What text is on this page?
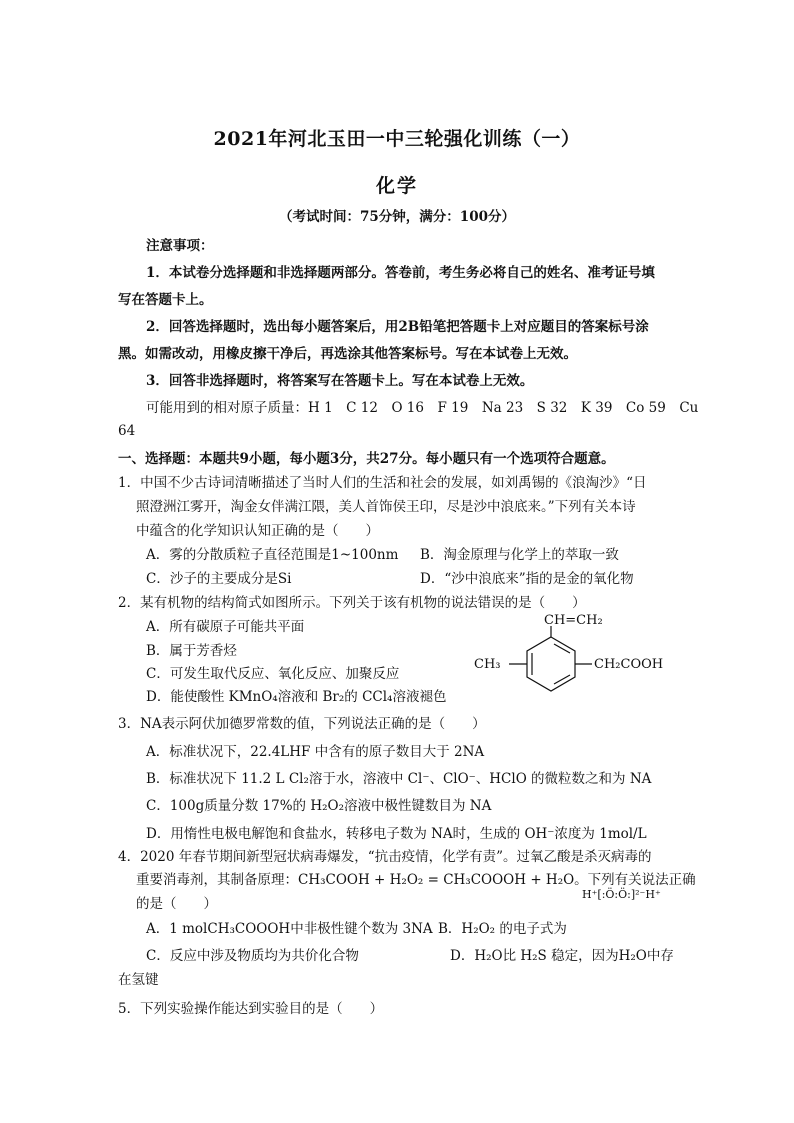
2021年河北玉田一中三轮强化训练（一）
化学
（考试时间：75分钟，满分：100分）
注意事项：
1．本试卷分选择题和非选择题两部分。答卷前，考生务必将自己的姓名、准考证号填
写在答题卡上。
2．回答选择题时，选出每小题答案后，用2B铅笔把答题卡上对应题目的答案标号涂
黑。如需改动，用橡皮擦干净后，再选涂其他答案标号。写在本试卷上无效。
3．回答非选择题时，将答案写在答题卡上。写在本试卷上无效。
可能用到的相对原子质量：H 1　C 12　O 16　F 19　Na 23　S 32　K 39　Co 59　Cu
64
一、选择题：本题共9小题，每小题3分，共27分。每小题只有一个选项符合题意。
1．中国不少古诗词清晰描述了当时人们的生活和社会的发展，如刘禹锡的《浪淘沙》“日
照澄洲江雾开，淘金女伴满江隈，美人首饰侯王印，尽是沙中浪底来。”下列有关本诗
中蕴含的化学知识认知正确的是（　　）
A．雾的分散质粒子直径范围是1~100nm B．淘金原理与化学上的萃取一致
C．沙子的主要成分是Si	D．“沙中浪底来”指的是金的氧化物
2．某有机物的结构简式如图所示。下列关于该有机物的说法错误的是（　　）
A．所有碳原子可能共平面
B．属于芳香烃
C．可发生取代反应、氧化反应、加聚反应
D．能使酸性 KMnO₄溶液和 Br₂的 CCl₄溶液褪色
CH=CH₂
CH₃	CH₂COOH
3．NA表示阿伏加德罗常数的值，下列说法正确的是（　　）
A．标准状况下，22.4LHF 中含有的原子数目大于 2NA
B．标准状况下 11.2 L Cl₂溶于水，溶液中 Cl⁻、ClO⁻、HClO 的微粒数之和为 NA
C．100g质量分数 17%的 H₂O₂溶液中极性键数目为 NA
D．用惰性电极电解饱和食盐水，转移电子数为 NA时，生成的 OH⁻浓度为 1mol/L
4．2020 年春节期间新型冠状病毒爆发，“抗击疫情，化学有责”。过氧乙酸是杀灭病毒的
重要消毒剂，其制备原理：CH₃COOH + H₂O₂ = CH₃COOOH + H₂O。下列有关说法正确
的是（　　）
H⁺[:Ö:Ö:]²⁻H⁺
A．1 molCH₃COOOH中非极性键个数为 3NA B．H₂O₂ 的电子式为
C．反应中涉及物质均为共价化合物	D．H₂O比 H₂S 稳定，因为H₂O中存
在氢键
5．下列实验操作能达到实验目的是（　　）
